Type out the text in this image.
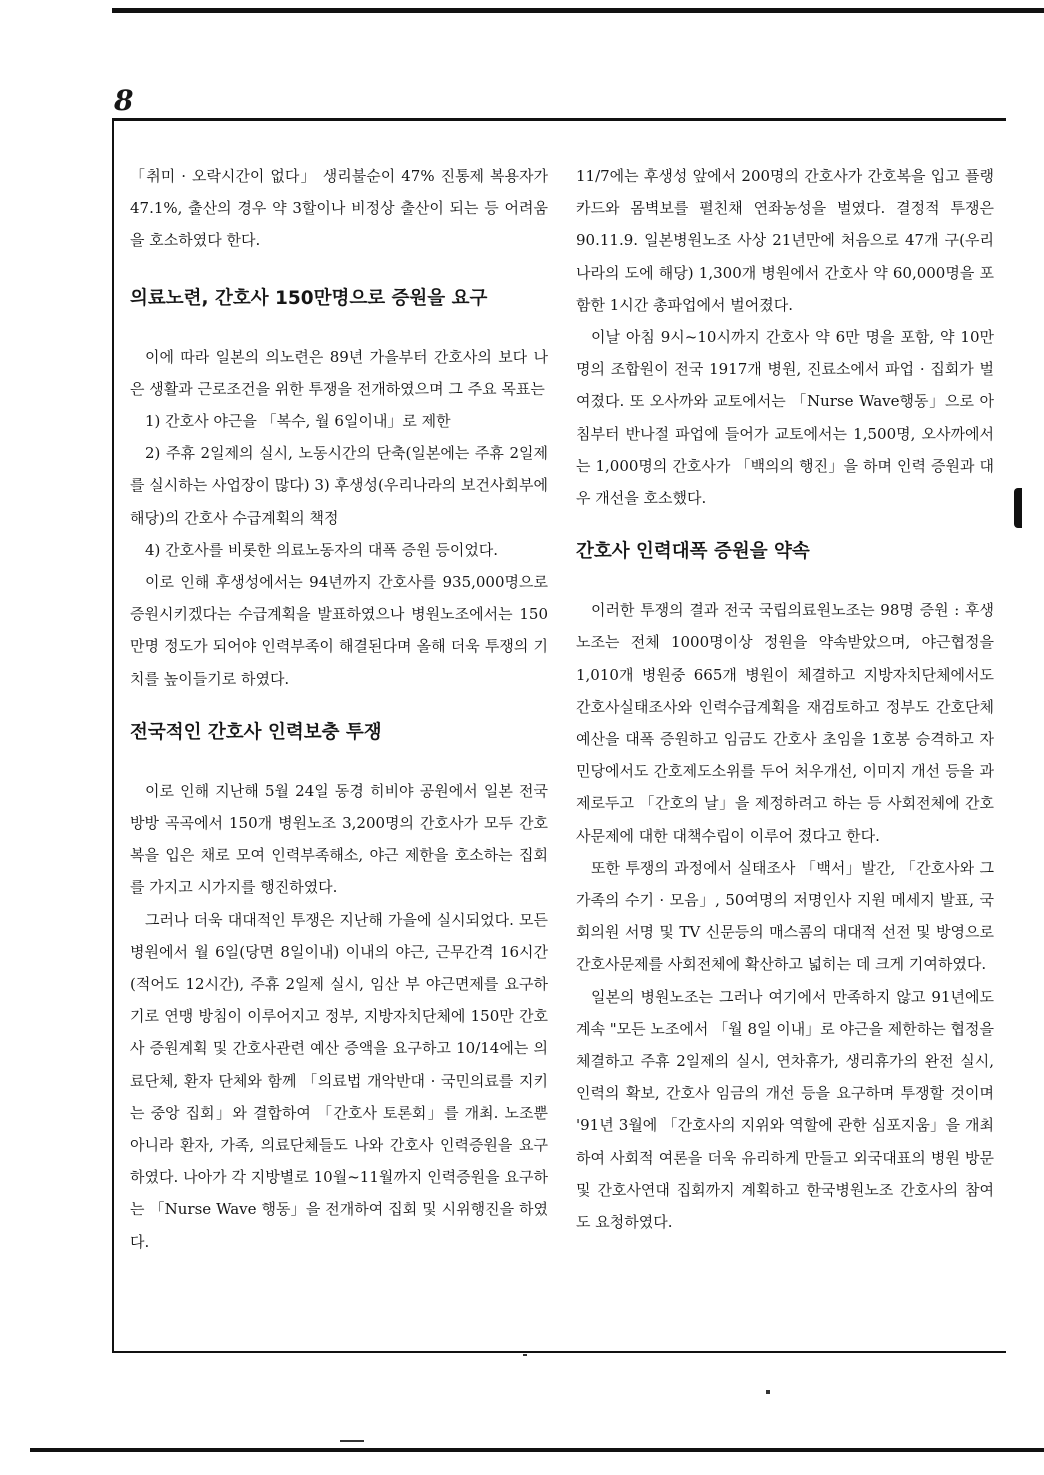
8

「취미 · 오락시간이 없다」 생리불순이 47% 진통제 복용자가 47.1%, 출산의 경우 약 3할이나 비정상 출산이 되는 등 어려움을 호소하였다 한다.

의료노련, 간호사 150만명으로 증원을 요구

이에 따라 일본의 의노련은 89년 가을부터 간호사의 보다 나은 생활과 근로조건을 위한 투쟁을 전개하였으며 그 주요 목표는

1) 간호사 야근을 「복수, 월 6일이내」로 제한

2) 주휴 2일제의 실시, 노동시간의 단축(일본에는 주휴 2일제를 실시하는 사업장이 많다) 3) 후생성(우리나라의 보건사회부에 해당)의 간호사 수급계획의 책정

4) 간호사를 비롯한 의료노동자의 대폭 증원 등이었다.

이로 인해 후생성에서는 94년까지 간호사를 935,000명으로 증원시키겠다는 수급계획을 발표하였으나 병원노조에서는 150만명 정도가 되어야 인력부족이 해결된다며 올해 더욱 투쟁의 기치를 높이들기로 하였다.

전국적인 간호사 인력보충 투쟁

이로 인해 지난해 5월 24일 동경 히비야 공원에서 일본 전국 방방 곡곡에서 150개 병원노조 3,200명의 간호사가 모두 간호복을 입은 채로 모여 인력부족해소, 야근 제한을 호소하는 집회를 가지고 시가지를 행진하였다.

그러나 더욱 대대적인 투쟁은 지난해 가을에 실시되었다. 모든 병원에서 월 6일(당면 8일이내) 이내의 야근, 근무간격 16시간(적어도 12시간), 주휴 2일제 실시, 임산 부 야근면제를 요구하기로 연맹 방침이 이루어지고 정부, 지방자치단체에 150만 간호사 증원계획 및 간호사관련 예산 증액을 요구하고 10/14에는 의료단체, 환자 단체와 함께 「의료법 개악반대 · 국민의료를 지키는 중앙 집회」와 결합하여 「간호사 토론회」를 개최. 노조뿐 아니라 환자, 가족, 의료단체들도 나와 간호사 인력증원을 요구하였다. 나아가 각 지방별로 10월~11월까지 인력증원을 요구하는 「Nurse Wave 행동」을 전개하여 집회 및 시위행진을 하였다.

11/7에는 후생성 앞에서 200명의 간호사가 간호복을 입고 플랭카드와 몸벽보를 펼친채 연좌농성을 벌였다. 결정적 투쟁은 90.11.9. 일본병원노조 사상 21년만에 처음으로 47개 구(우리나라의 도에 해당) 1,300개 병원에서 간호사 약 60,000명을 포함한 1시간 총파업에서 벌어졌다.

이날 아침 9시~10시까지 간호사 약 6만 명을 포함, 약 10만명의 조합원이 전국 1917개 병원, 진료소에서 파업 · 집회가 벌여졌다. 또 오사까와 교토에서는 「Nurse Wave행동」으로 아침부터 반나절 파업에 들어가 교토에서는 1,500명, 오사까에서는 1,000명의 간호사가 「백의의 행진」을 하며 인력 증원과 대우 개선을 호소했다.

간호사 인력대폭 증원을 약속

이러한 투쟁의 결과 전국 국립의료원노조는 98명 증원 : 후생노조는 전체 1000명이상 정원을 약속받았으며, 야근협정을 1,010개 병원중 665개 병원이 체결하고 지방자치단체에서도 간호사실태조사와 인력수급계획을 재검토하고 정부도 간호단체예산을 대폭 증원하고 임금도 간호사 초임을 1호봉 승격하고 자민당에서도 간호제도소위를 두어 처우개선, 이미지 개선 등을 과제로두고 「간호의 날」을 제정하려고 하는 등 사회전체에 간호사문제에 대한 대책수립이 이루어 졌다고 한다.

또한 투쟁의 과정에서 실태조사 「백서」발간, 「간호사와 그 가족의 수기 · 모음」, 50여명의 저명인사 지원 메세지 발표, 국회의원 서명 및 TV 신문등의 매스콤의 대대적 선전 및 방영으로 간호사문제를 사회전체에 확산하고 넓히는 데 크게 기여하였다.

일본의 병원노조는 그러나 여기에서 만족하지 않고 91년에도 계속 "모든 노조에서 「월 8일 이내」로 야근을 제한하는 협정을 체결하고 주휴 2일제의 실시, 연차휴가, 생리휴가의 완전 실시, 인력의 확보, 간호사 임금의 개선 등을 요구하며 투쟁할 것이며 '91년 3월에 「간호사의 지위와 역할에 관한 심포지움」을 개최하여 사회적 여론을 더욱 유리하게 만들고 외국대표의 병원 방문 및 간호사연대 집회까지 계획하고 한국병원노조 간호사의 참여도 요청하였다.
